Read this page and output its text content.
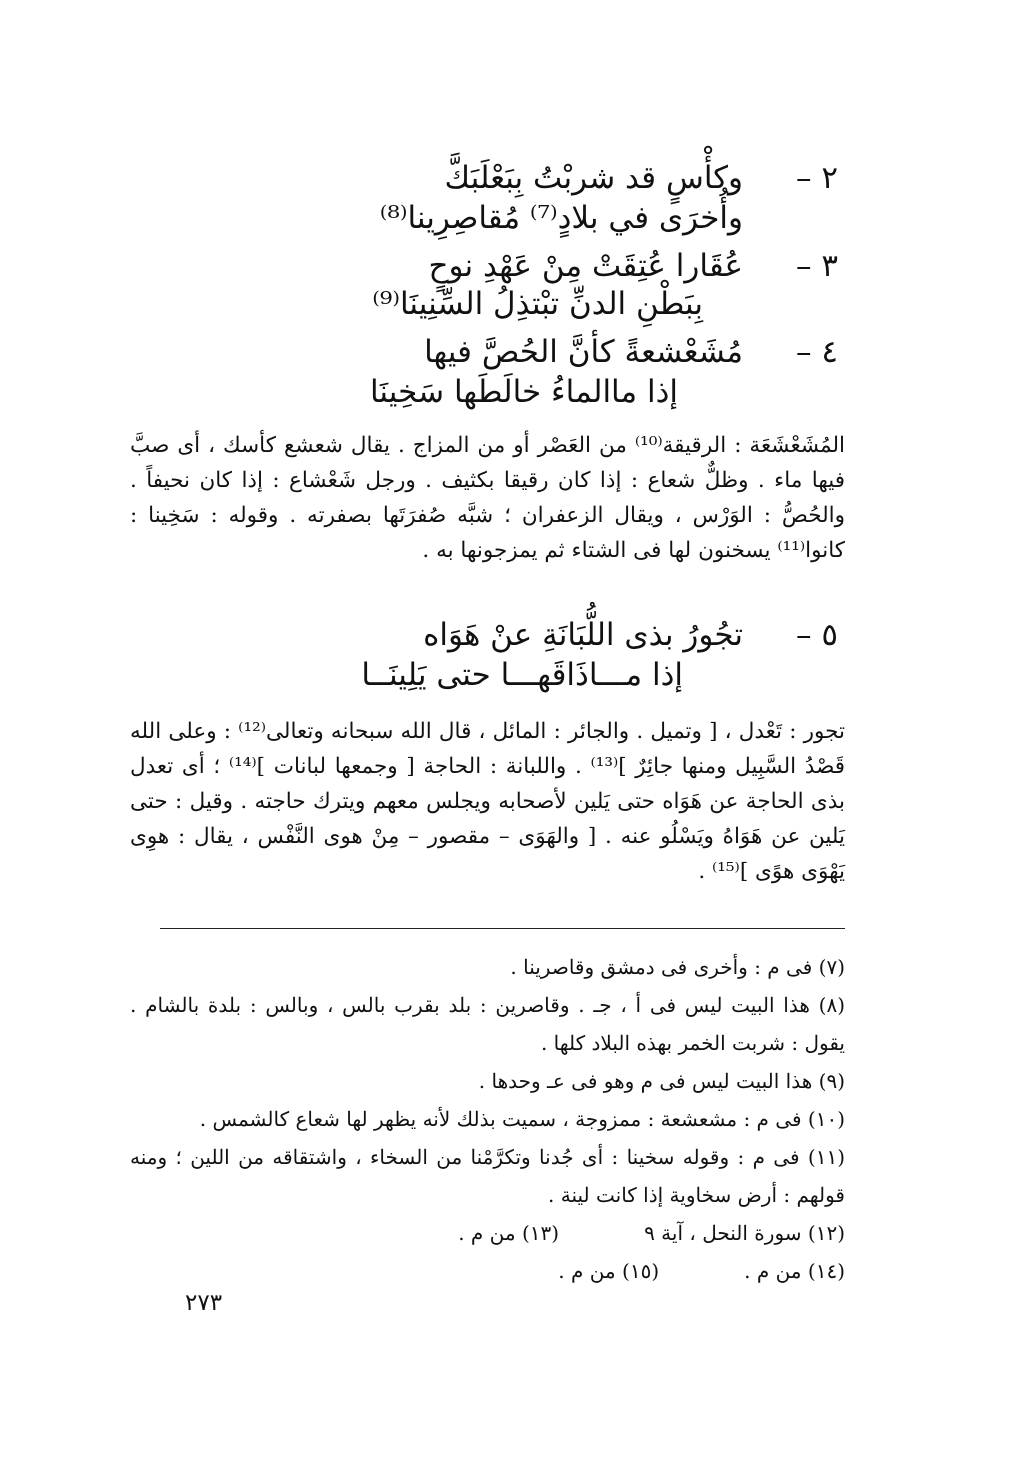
٢ –
وكأْسٍ قد شربْتُ بِبَعْلَبَكَّ
وأُخرَى في بلادٍ⁽⁷⁾ مُقاصِرِينا⁽⁸⁾
٣ –
عُقَارا عُتِقَتْ مِنْ عَهْدِ نوحٍ
بِبَطْنِ الدنِّ تبْتذِلُ السِّنِينَا⁽⁹⁾
٤ –
مُشَعْشعةً كأنَّ الحُصَّ فيها
إذا ماالماءُ خالَطَها سَخِينَا
المُشَعْشَعَة : الرقيقة⁽¹⁰⁾ من العَصْر أو من المزاج . يقال شعشع كأسك ، أى صبَّ فيها ماء . وظلٌّ شعاع : إذا كان رقيقا بكثيف . ورجل شَعْشاع : إذا كان نحيفاً . والحُصُّ : الوَرْس ، ويقال الزعفران ؛ شبَّه صُفرَتَها بصفرته . وقوله : سَخِينا : كانوا⁽¹¹⁾ يسخنون لها فى الشتاء ثم يمزجونها به .
٥ –
تجُورُ بذى اللُّبَانَةِ عنْ هَوَاه
إذا مـــاذَاقَهـــا حتى يَلِينَــا
تجور : تَعْدل ، [ وتميل . والجائر : المائل ، قال الله سبحانه وتعالى⁽¹²⁾ : وعلى الله قَصْدُ السَّبِيل ومنها جائِرٌ ]⁽¹³⁾ . واللبانة : الحاجة [ وجمعها لبانات ]⁽¹⁴⁾ ؛ أى تعدل بذى الحاجة عن هَوَاه حتى يَلين لأصحابه ويجلس معهم ويترك حاجته . وقيل : حتى يَلين عن هَوَاهُ ويَسْلُو عنه . [ والهَوَى – مقصور – مِنْ هوى النَّفْس ، يقال : هوِى يَهْوَى هوًى ]⁽¹⁵⁾ .
(٧) فى م : وأخرى فى دمشق وقاصرينا .
(٨) هذا البيت ليس فى أ ، جـ . وقاصرين : بلد بقرب بالس ، وبالس : بلدة بالشام . يقول : شربت الخمر بهذه البلاد كلها .
(٩) هذا البيت ليس فى م وهو فى عـ وحدها .
(١٠) فى م : مشعشعة : ممزوجة ، سميت بذلك لأنه يظهر لها شعاع كالشمس .
(١١) فى م : وقوله سخينا : أى جُدنا وتكرَّمْنا من السخاء ، واشتقاقه من اللين ؛ ومنه قولهم : أرض سخاوية إذا كانت لينة .
(١٢) سورة النحل ، آية ٩
(١٣) من م .
(١٤) من م .
(١٥) من م .
٢٧٣
